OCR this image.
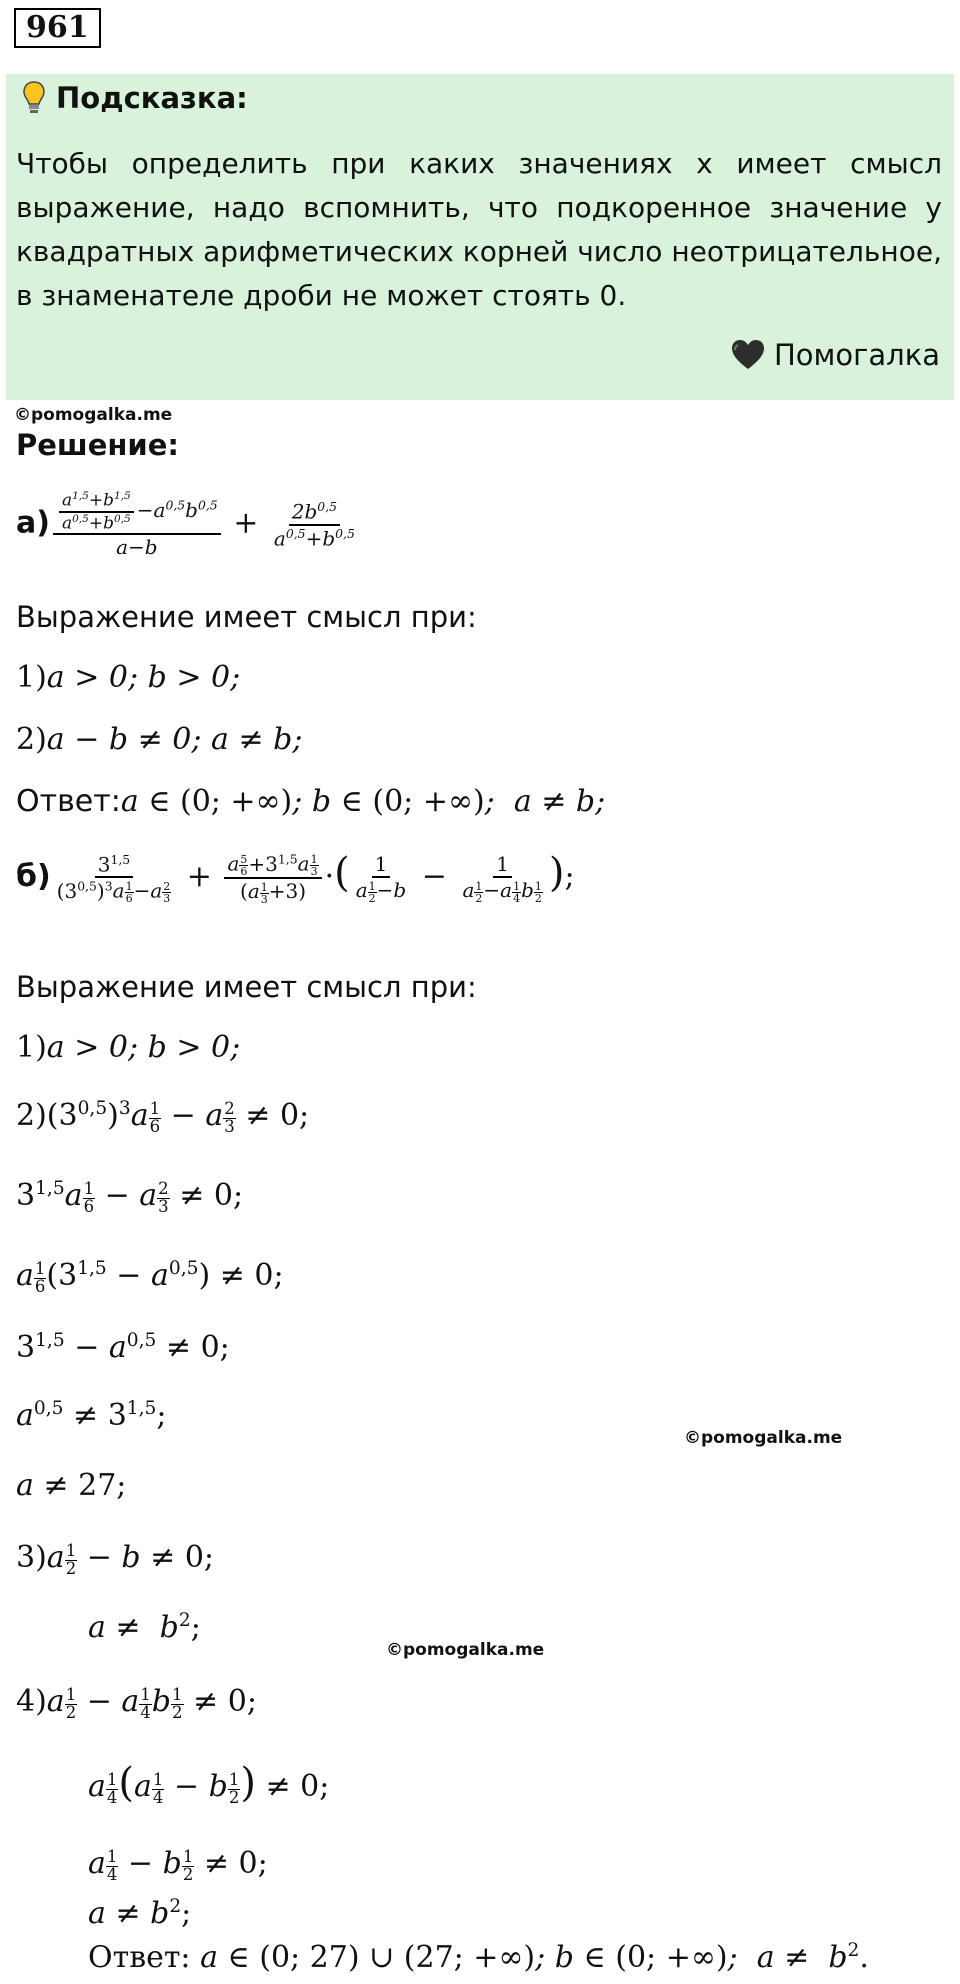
961
Подсказка:
Чтобы определить при каких значениях х имеет смысл выражение, надо вспомнить, что подкоренное значение у квадратных арифметических корней число неотрицательное, в знаменателе дроби не может стоять 0.
Помогалка
©pomogalka.me
Решение:
$а) \frac{\frac{a^{1,5}+b^{1,5}}{a^{0,5}+b^{0,5}} -a^{0,5}b^{0,5}}{a-b} + \frac{2b^{0,5}}{a^{0,5}+b^{0,5}}$
Выражение имеет смысл при:
1)a > 0; b > 0;
2)a − b ≠ 0; a ≠ b;
Ответ:a ∈ (0; +∞); b ∈ (0; +∞);  a ≠ b;
$б) \frac{3^{1,5}}{(3^{0,5})^3a \frac{1}{6} -a \frac{2}{3}} + \frac{a \frac{5}{6} +3^{1,5}a \frac{1}{3}}{(a \frac{1}{3} +3)}$ ·( $\frac{1}{a \frac{1}{2} -b} - \frac{1}{a \frac{1}{2} -a \frac{1}{4} b \frac{1}{2}}$ );
Выражение имеет смысл при:
1)a > 0; b > 0;
$2)(3^{0,5})^3a \frac{1}{6} - a \frac{2}{3} \ne 0$;
$3^{1,5}a \frac{1}{6} - a \frac{2}{3} \ne 0$;
a $\frac{1}{6} (3^{1,5} - a^{0,5}) \ne 0$;
$3^{1,5} - a^{0,5} \ne 0$;
$a^{0,5} \ne 3^{1,5}$;
©pomogalka.me
a ≠ 27;
$3)a \frac{1}{2} - b \ne 0$;
$a \ne b^2$;
©pomogalka.me
$4)a \frac{1}{2} - a \frac{1}{4}$ b $\frac{1}{2} \ne 0$;
a $\frac{1}{4} (a \frac{1}{4} - b \frac{1}{2}$ ) ≠ 0;
a $\frac{1}{4} - b \frac{1}{2} \ne 0$;
$a \ne b^2$;
Ответ: a ∈ (0; 27) ∪ (27; +∞); b ∈ (0; +∞);  $a \ne b^2$.
